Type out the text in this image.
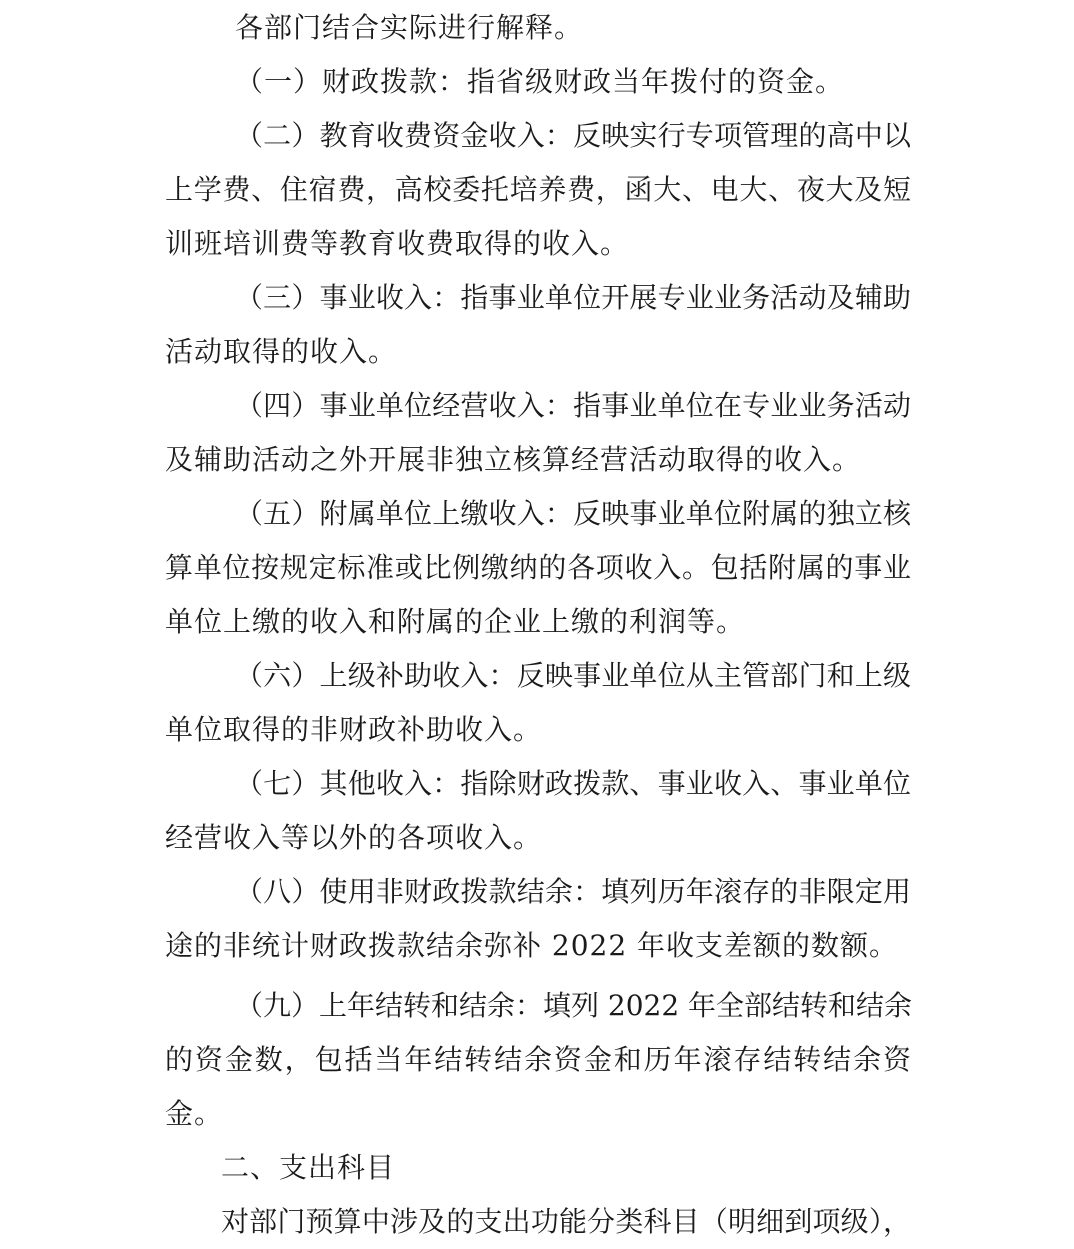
各部门结合实际进行解释。
（一）财政拨款：指省级财政当年拨付的资金。
（二）教育收费资金收入：反映实行专项管理的高中以
上学费、住宿费，高校委托培养费，函大、电大、夜大及短
训班培训费等教育收费取得的收入。
（三）事业收入：指事业单位开展专业业务活动及辅助
活动取得的收入。
（四）事业单位经营收入：指事业单位在专业业务活动
及辅助活动之外开展非独立核算经营活动取得的收入。
（五）附属单位上缴收入：反映事业单位附属的独立核
算单位按规定标准或比例缴纳的各项收入。包括附属的事业
单位上缴的收入和附属的企业上缴的利润等。
（六）上级补助收入：反映事业单位从主管部门和上级
单位取得的非财政补助收入。
（七）其他收入：指除财政拨款、事业收入、事业单位
经营收入等以外的各项收入。
（八）使用非财政拨款结余：填列历年滚存的非限定用
途的非统计财政拨款结余弥补 2022 年收支差额的数额。
（九）上年结转和结余：填列 2022 年全部结转和结余
的资金数，包括当年结转结余资金和历年滚存结转结余资
金。
二、支出科目
对部门预算中涉及的支出功能分类科目（明细到项级），
